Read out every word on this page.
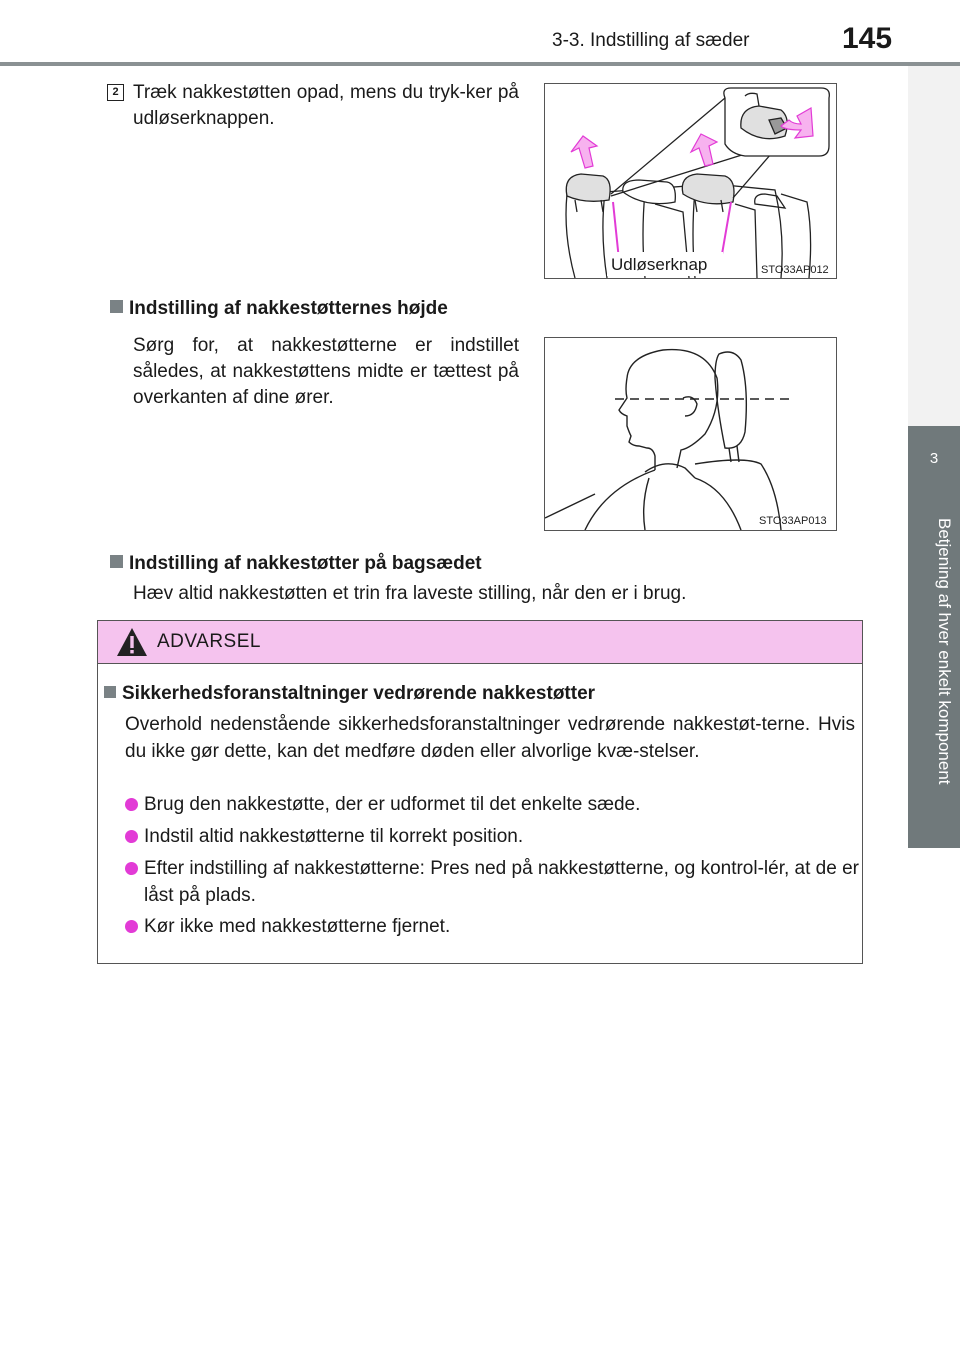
3-3. Indstilling af sæder	145
3
Betjening af hver enkelt komponent
2 Træk nakkestøtten opad, mens du tryk-ker på udløserknappen.
Udløserknap	STO33AP012
Indstilling af nakkestøtternes højde
Sørg for, at nakkestøtterne er indstillet således, at nakkestøttens midte er tættest på overkanten af dine ører.
STO33AP013
Indstilling af nakkestøtter på bagsædet
Hæv altid nakkestøtten et trin fra laveste stilling, når den er i brug.
ADVARSEL
Sikkerhedsforanstaltninger vedrørende nakkestøtter
Overhold nedenstående sikkerhedsforanstaltninger vedrørende nakkestøt-terne. Hvis du ikke gør dette, kan det medføre døden eller alvorlige kvæ-stelser.
Brug den nakkestøtte, der er udformet til det enkelte sæde.
Indstil altid nakkestøtterne til korrekt position.
Efter indstilling af nakkestøtterne: Pres ned på nakkestøtterne, og kontrol-lér, at de er låst på plads.
Kør ikke med nakkestøtterne fjernet.
